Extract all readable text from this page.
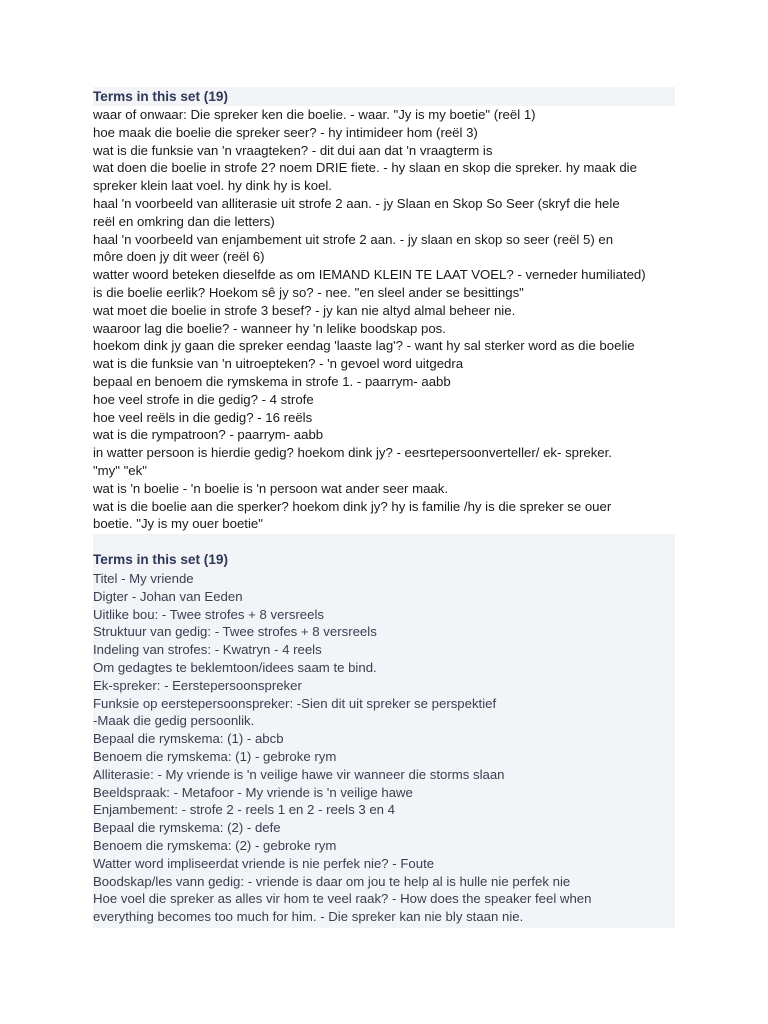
Terms in this set (19)

waar of onwaar: Die spreker ken die boelie. - waar. "Jy is my boetie" (reël 1)

hoe maak die boelie die spreker seer? - hy intimideer hom (reël 3)

wat is die funksie van 'n vraagteken? - dit dui aan dat 'n vraagterm is

wat doen die boelie in strofe 2? noem DRIE fiete. - hy slaan en skop die spreker. hy maak die

spreker klein laat voel. hy dink hy is koel.

haal 'n voorbeeld van alliterasie uit strofe 2 aan. - jy Slaan en Skop So Seer (skryf die hele

reël en omkring dan die letters)

haal 'n voorbeeld van enjambement uit strofe 2 aan. - jy slaan en skop so seer (reël 5) en

môre doen jy dit weer (reël 6)

watter woord beteken dieselfde as om IEMAND KLEIN TE LAAT VOEL? - verneder humiliated)

is die boelie eerlik? Hoekom sê jy so? - nee. "en sleel ander se besittings"

wat moet die boelie in strofe 3 besef? - jy kan nie altyd almal beheer nie.

waaroor lag die boelie? - wanneer hy 'n lelike boodskap pos.

hoekom dink jy gaan die spreker eendag 'laaste lag'? - want hy sal sterker word as die boelie

wat is die funksie van 'n uitroepteken? - 'n gevoel word uitgedra

bepaal en benoem die rymskema in strofe 1. - paarrym- aabb

hoe veel strofe in die gedig? - 4 strofe

hoe veel reëls in die gedig? - 16 reëls

wat is die rympatroon? - paarrym- aabb

in watter persoon is hierdie gedig? hoekom dink jy? - eesrtepersoonverteller/ ek- spreker.

"my" "ek"

wat is 'n boelie - 'n boelie is 'n persoon wat ander seer maak.

wat is die boelie aan die sperker? hoekom dink jy? hy is familie /hy is die spreker se ouer

boetie. "Jy is my ouer boetie"

Terms in this set (19)

Titel - My vriende

Digter - Johan van Eeden

Uitlike bou: - Twee strofes + 8 versreels

Struktuur van gedig: - Twee strofes + 8 versreels

Indeling van strofes: - Kwatryn - 4 reels

Om gedagtes te beklemtoon/idees saam te bind.

Ek-spreker: - Eerstepersoonspreker

Funksie op eerstepersoonspreker: -Sien dit uit spreker se perspektief

-Maak die gedig persoonlik.

Bepaal die rymskema: (1) - abcb

Benoem die rymskema: (1) - gebroke rym

Alliterasie: - My vriende is 'n veilige hawe vir wanneer die storms slaan

Beeldspraak: - Metafoor - My vriende is 'n veilige hawe

Enjambement: - strofe 2 - reels 1 en 2 - reels 3 en 4

Bepaal die rymskema: (2) - defe

Benoem die rymskema: (2) - gebroke rym

Watter word impliseerdat vriende is nie perfek nie? - Foute

Boodskap/les vann gedig: - vriende is daar om jou te help al is hulle nie perfek nie

Hoe voel die spreker as alles vir hom te veel raak? - How does the speaker feel when

everything becomes too much for him. - Die spreker kan nie bly staan nie.
